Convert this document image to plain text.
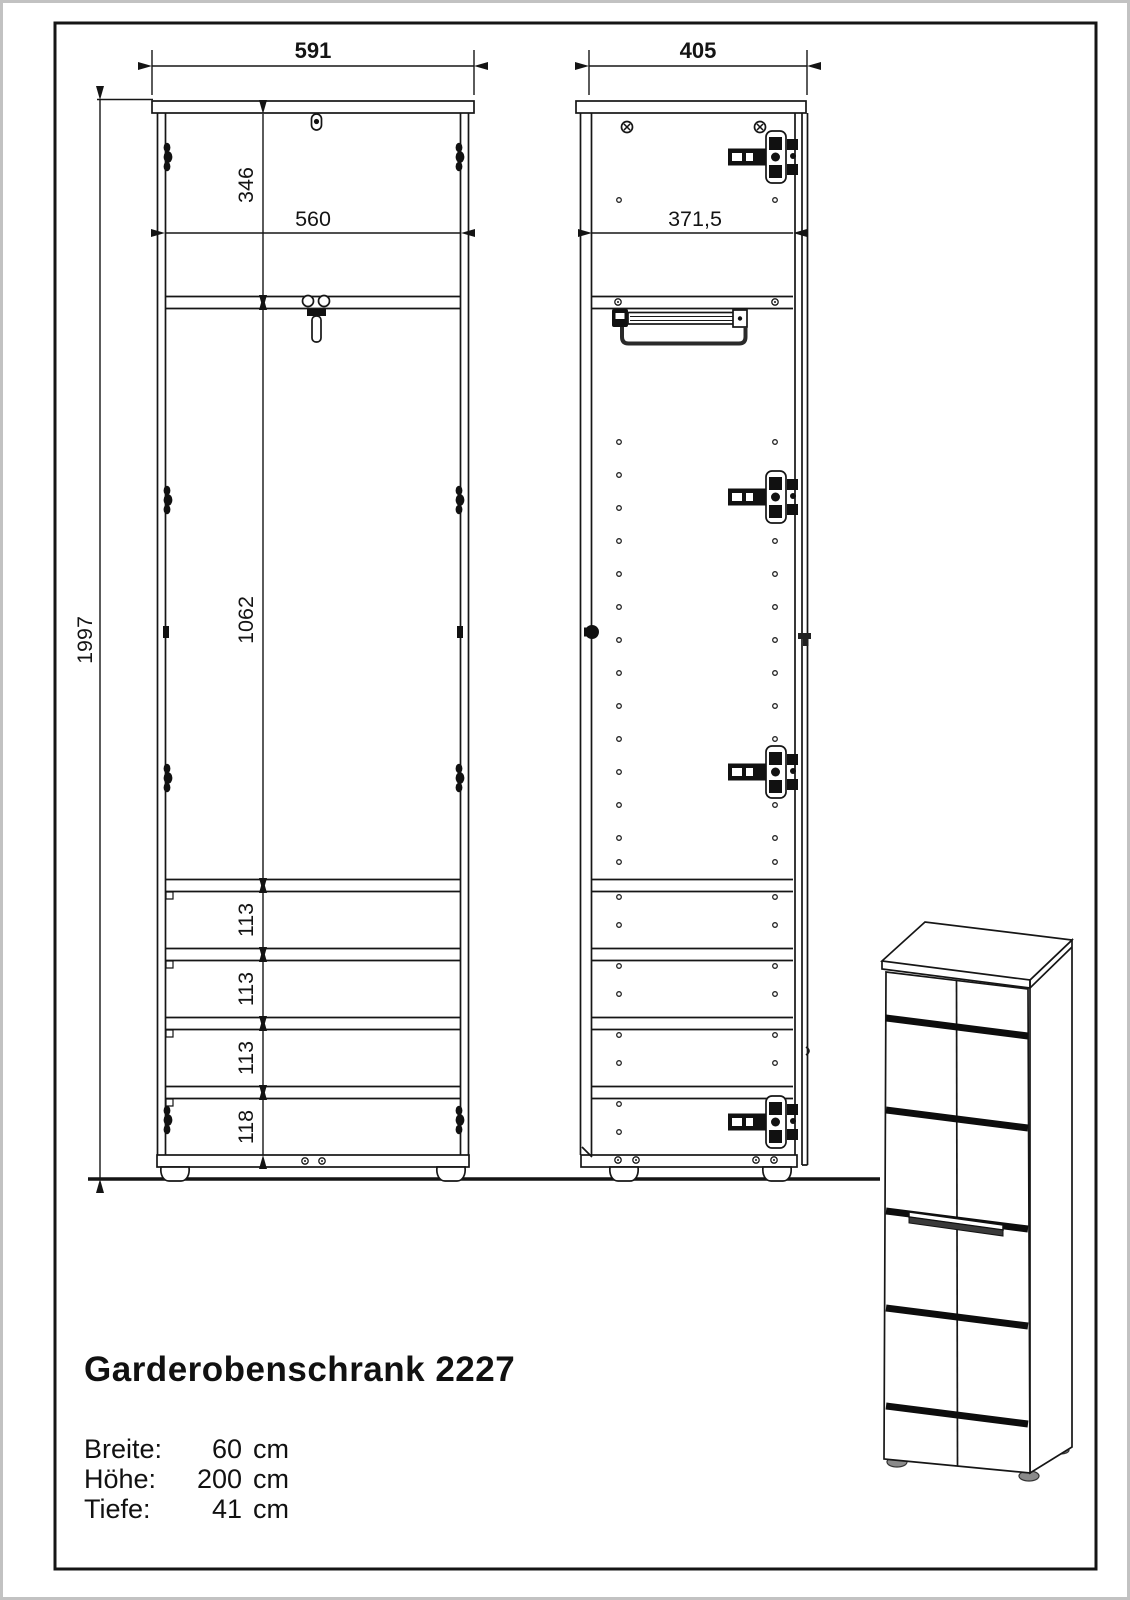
591
1997
346
560
1062
113
113
113
118
405
371,5
Garderobenschrank 2227
Breite:	60 cm
Höhe:	200 cm
Tiefe:	41 cm
